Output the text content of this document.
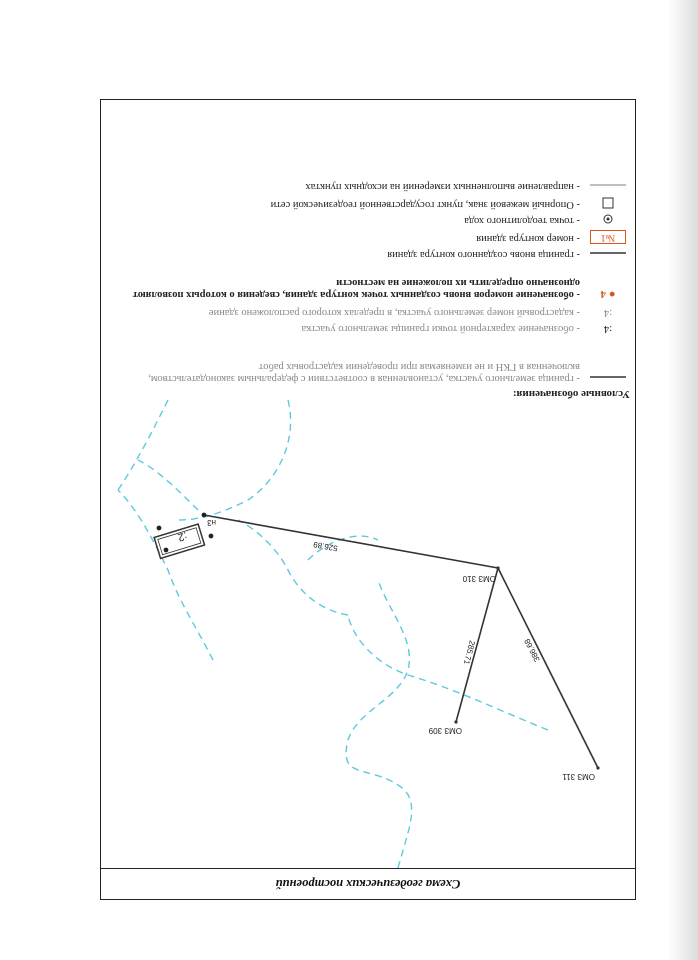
Схема геодезических построений
ОМЗ 311
ОМЗ 309
ОМЗ 310
386.68
285.71
526.89
:2
н3
Условные обозначения:
- граница земельного участка, установленная в соответствии с федеральным законодательством, включенная в ГКН и не изменяемая при проведении кадастровых работ
:4
- обозначение характерной точки границы земельного участка
:4
- кадастровый номер земельного участка, в пределах которого расположено здание
● 4
- обозначение номеров вновь созданных точек контура здания, сведения о которых позволяют однозначно определить их положение на местности
- граница вновь созданного контура здания
№1
- номер контура здания
- точка теодолитного хода
- Опорный межевой знак, пункт государственной геодезической сети
- направление выполненных измерений на исходных пунктах
